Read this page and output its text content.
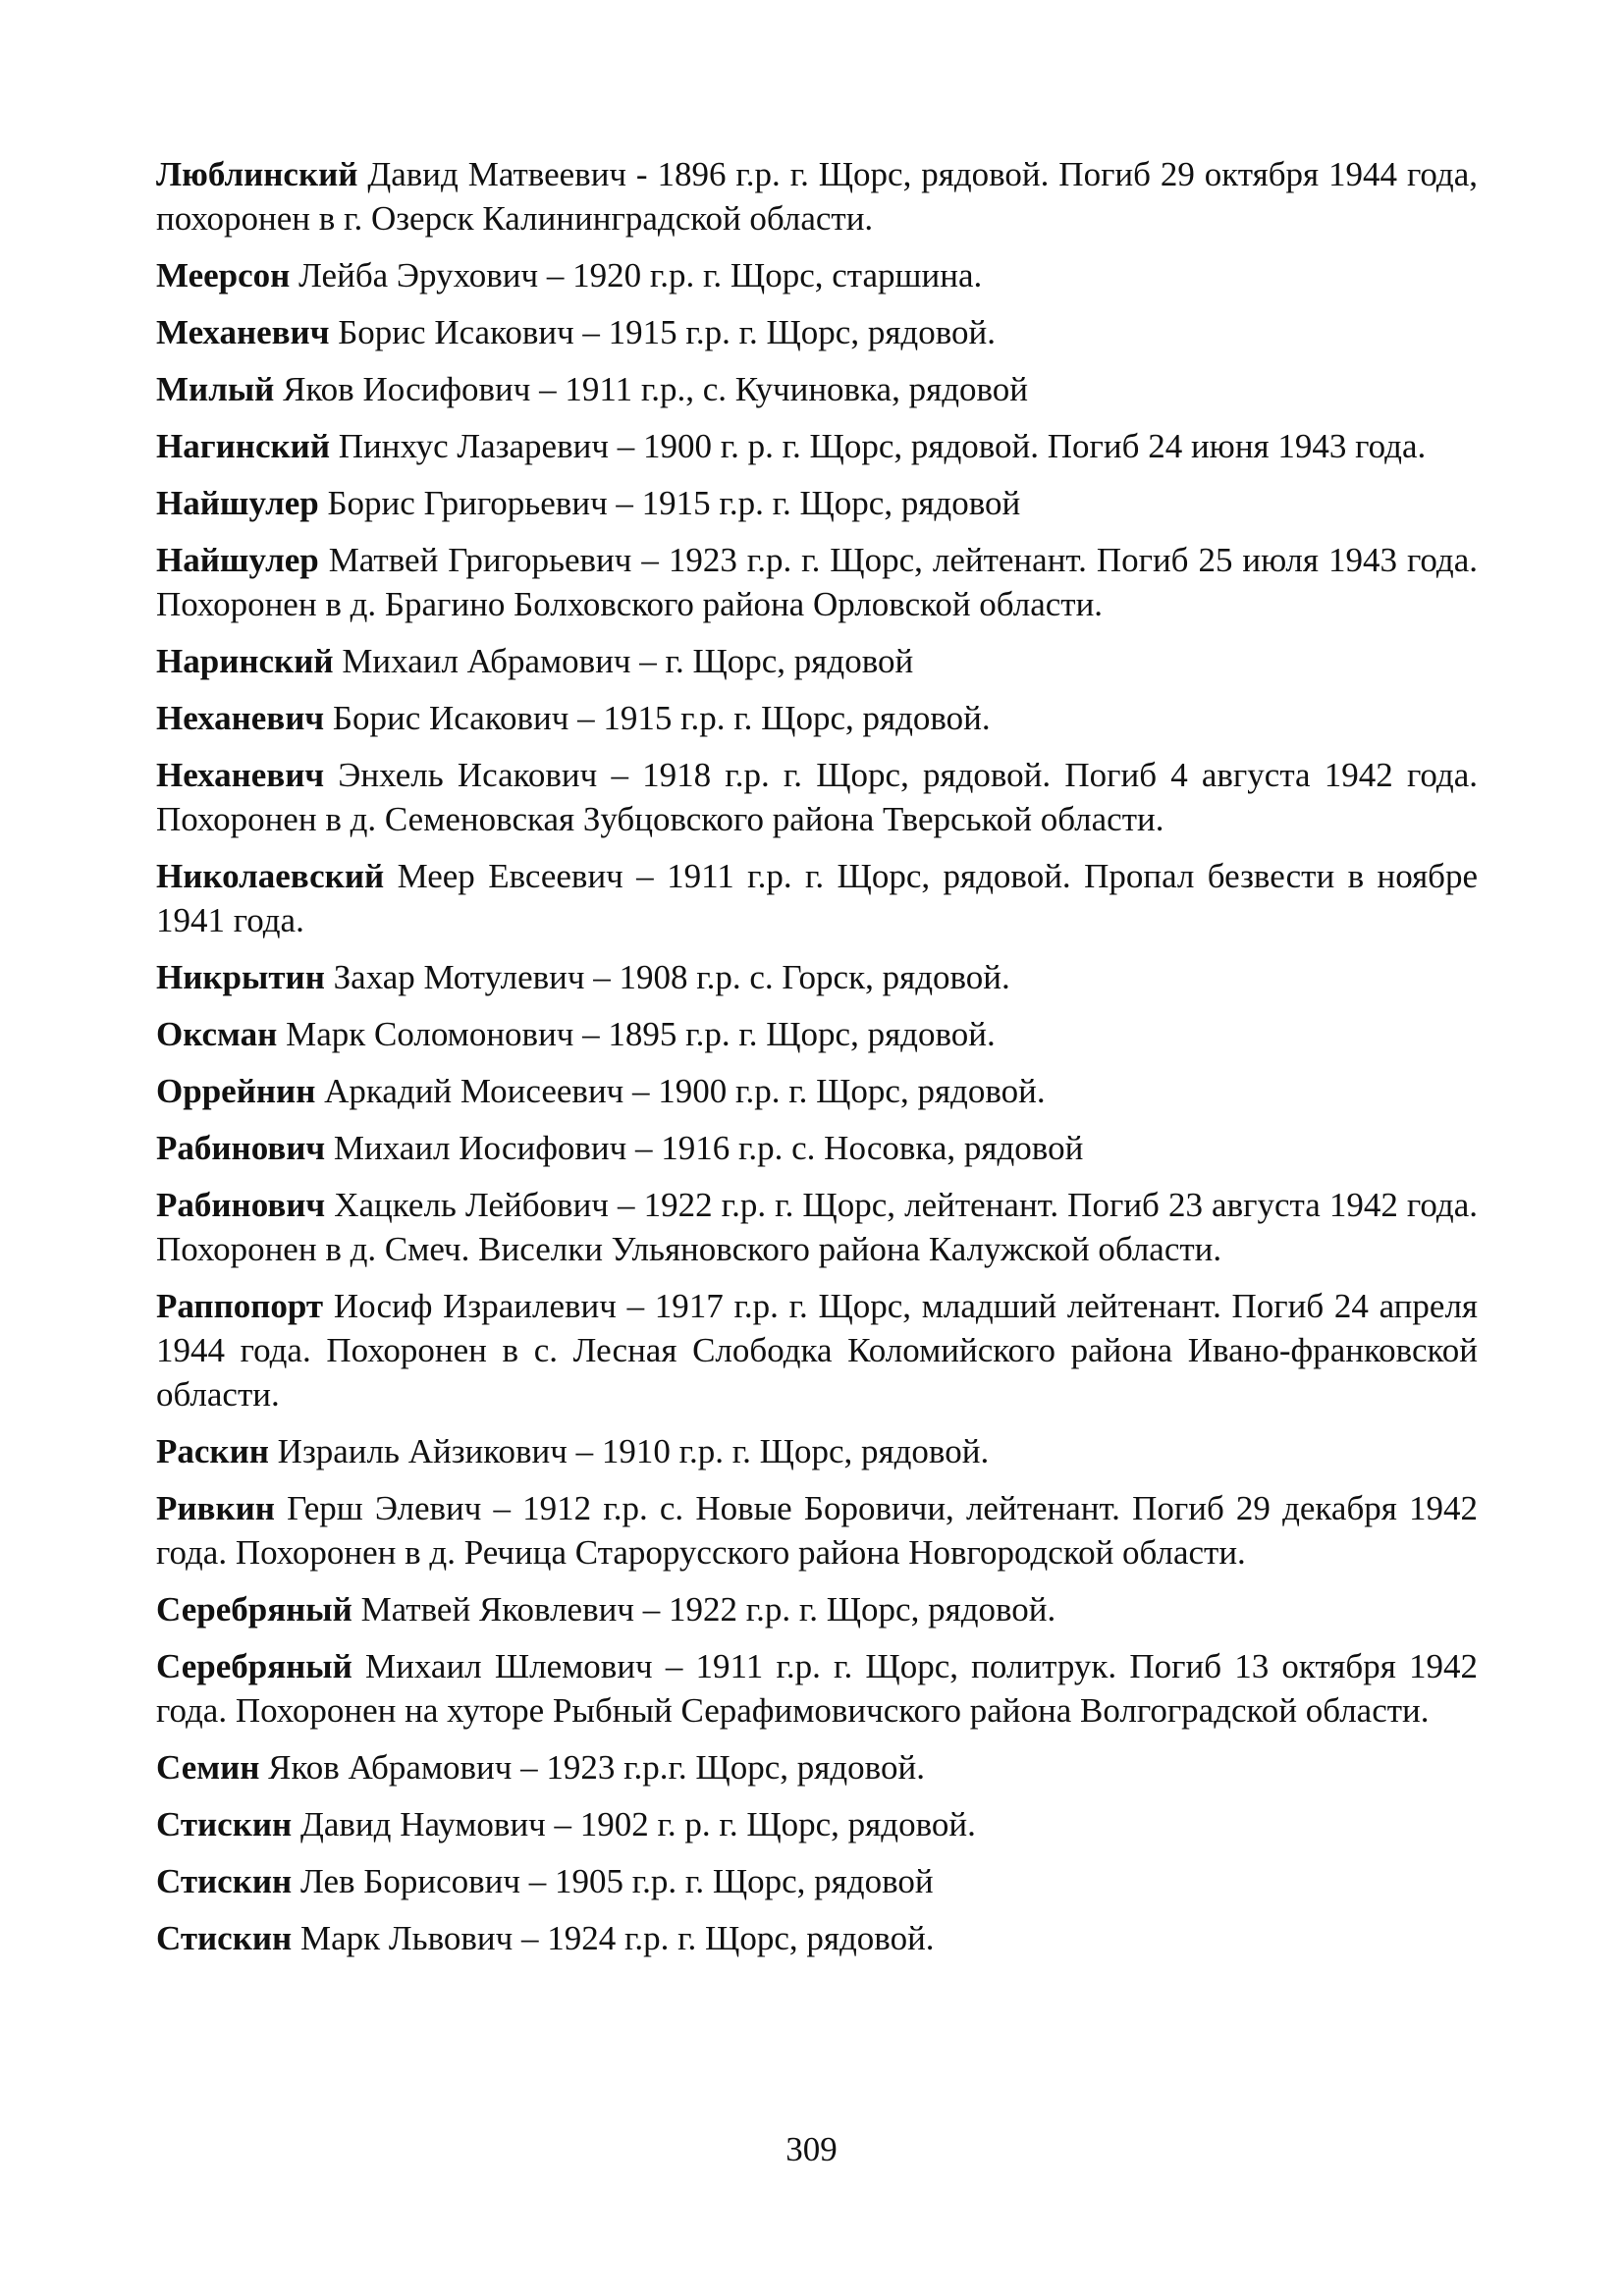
Люблинский Давид Матвеевич - 1896 г.р. г. Щорс, рядовой. Погиб 29 октября 1944 года, похоронен в г. Озерск Калининградской области.

Меерсон Лейба Эрухович – 1920 г.р. г. Щорс, старшина.

Механевич Борис Исакович – 1915 г.р. г. Щорс, рядовой.

Милый Яков Иосифович – 1911 г.р., с. Кучиновка, рядовой

Нагинский Пинхус Лазаревич – 1900 г. р. г. Щорс, рядовой. Погиб 24 июня 1943 года.

Найшулер Борис Григорьевич – 1915 г.р. г. Щорс, рядовой

Найшулер Матвей Григорьевич – 1923 г.р. г. Щорс, лейтенант. Погиб 25 июля 1943 года. Похоронен в д. Брагино Болховского района Орловской области.

Наринский Михаил Абрамович – г. Щорс, рядовой

Неханевич Борис Исакович – 1915 г.р. г. Щорс, рядовой.

Неханевич Энхель Исакович – 1918 г.р. г. Щорс, рядовой. Погиб 4 августа 1942 года. Похоронен в д. Семеновская Зубцовского района Тверськой области.

Николаевский Меер Евсеевич – 1911 г.р. г. Щорс, рядовой. Пропал безвести в ноябре 1941 года.

Никрытин Захар Мотулевич – 1908 г.р. с. Горск, рядовой.

Оксман Марк Соломонович – 1895 г.р. г. Щорс, рядовой.

Оррейнин Аркадий Моисеевич – 1900 г.р. г. Щорс, рядовой.

Рабинович Михаил Иосифович – 1916 г.р. с. Носовка, рядовой

Рабинович Хацкель Лейбович – 1922 г.р. г. Щорс, лейтенант. Погиб 23 августа 1942 года. Похоронен в д. Смеч. Виселки Ульяновского района Калужской области.

Раппопорт Иосиф Израилевич – 1917 г.р. г. Щорс, младший лейтенант. Погиб 24 апреля 1944 года. Похоронен в с. Лесная Слободка Коломийского района Ивано-франковской области.

Раскин Израиль Айзикович – 1910 г.р. г. Щорс, рядовой.

Ривкин Герш Элевич – 1912 г.р. с. Новые Боровичи, лейтенант. Погиб 29 декабря 1942 года. Похоронен в д. Речица Старорусского района Новгородской области.

Серебряный Матвей Яковлевич – 1922 г.р. г. Щорс, рядовой.

Серебряный Михаил Шлемович – 1911 г.р. г. Щорс, политрук. Погиб 13 октября 1942 года. Похоронен на хуторе Рыбный Серафимовичского района Волгоградской области.

Семин Яков Абрамович – 1923 г.р.г. Щорс, рядовой.

Стискин Давид Наумович – 1902 г. р. г. Щорс, рядовой.

Стискин Лев Борисович – 1905 г.р. г. Щорс, рядовой

Стискин Марк Львович – 1924 г.р. г. Щорс, рядовой.

309
